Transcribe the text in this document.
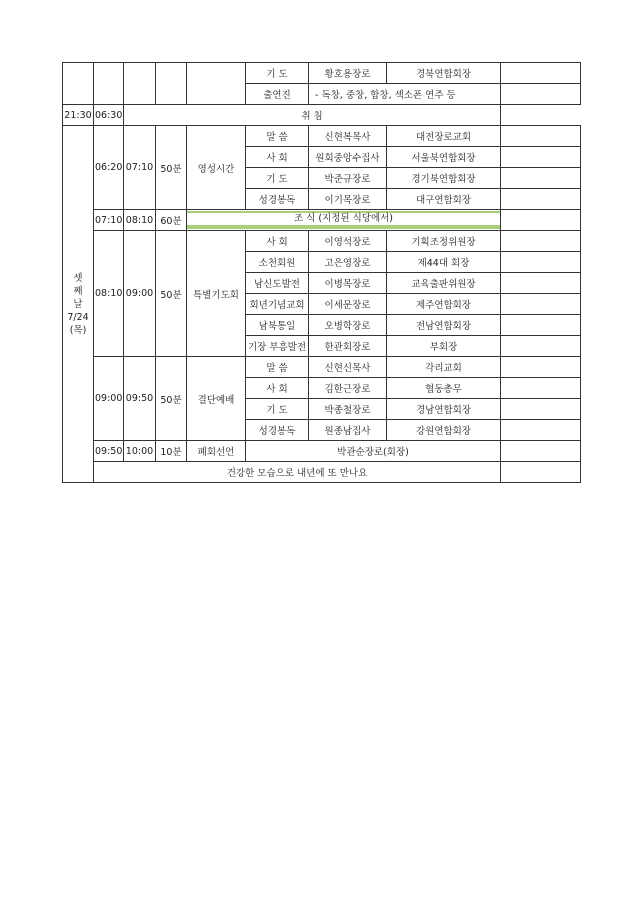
					기 도	황호용장로	경북연합회장	
					출연진	- 독창, 중창, 합창, 섹소폰 연주 등		
21:30	06:30	취 침						

셋
째
날
7/24
(목)	06:20	07:10	50분	영성시간	말 씀	신현복목사	대전장로교회	
					사 회	원회중앙수집사	서울북연합회장	
					기 도	박준규장로	경기북연합회장	
					성경봉독	이기목장로	대구연합회장	
	07:10	08:10	60분	조 식 (지정된 식당에서)				

	08:10	09:00	50분	특별기도회	사 회	이영석장로	기획조정위원장	
					소천회원	고은영장로	제44대 회장	
					남신도발전	이병목장로	교육출판위원장	
					회년기념교회	이세문장로	제주연합회장	
					남북통일	오병학장로	전남연합회장	
					기장 부흥발전	한관회장로	부회장	
	09:00	09:50	50분	결단예배	말 씀	신현신목사	각리교회	
					사 회	김한근장로	협동총무	
					기 도	박종철장로	경남연합회장	
					성경봉독	원종남집사	강원연합회장	
	09:50	10:00	10분	폐회선언	박관순장로(회장)			
	건강한 모습으로 내년에 또 만나요							
